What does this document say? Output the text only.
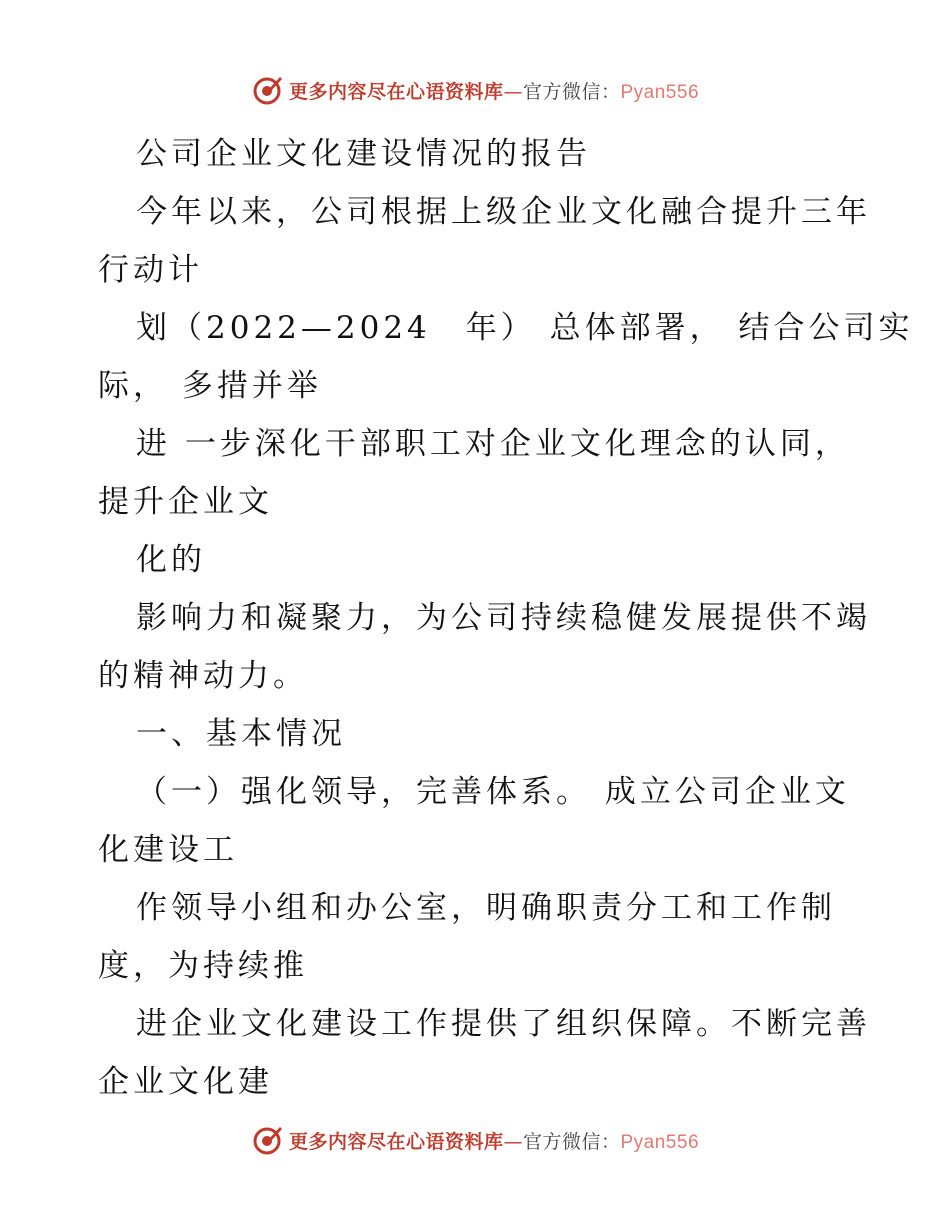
更多内容尽在心语资料库—官方微信：Pyan556
公司企业文化建设情况的报告
今年以来，公司根据上级企业文化融合提升三年
行动计
划（2022—2024　年） 总体部署， 结合公司实
际， 多措并举
进 一步深化干部职工对企业文化理念的认同，
提升企业文
化的
影响力和凝聚力，为公司持续稳健发展提供不竭
的精神动力。
一、基本情况
（一）强化领导，完善体系。 成立公司企业文
化建设工
作领导小组和办公室，明确职责分工和工作制
度，为持续推
进企业文化建设工作提供了组织保障。不断完善
企业文化建
更多内容尽在心语资料库—官方微信：Pyan556
